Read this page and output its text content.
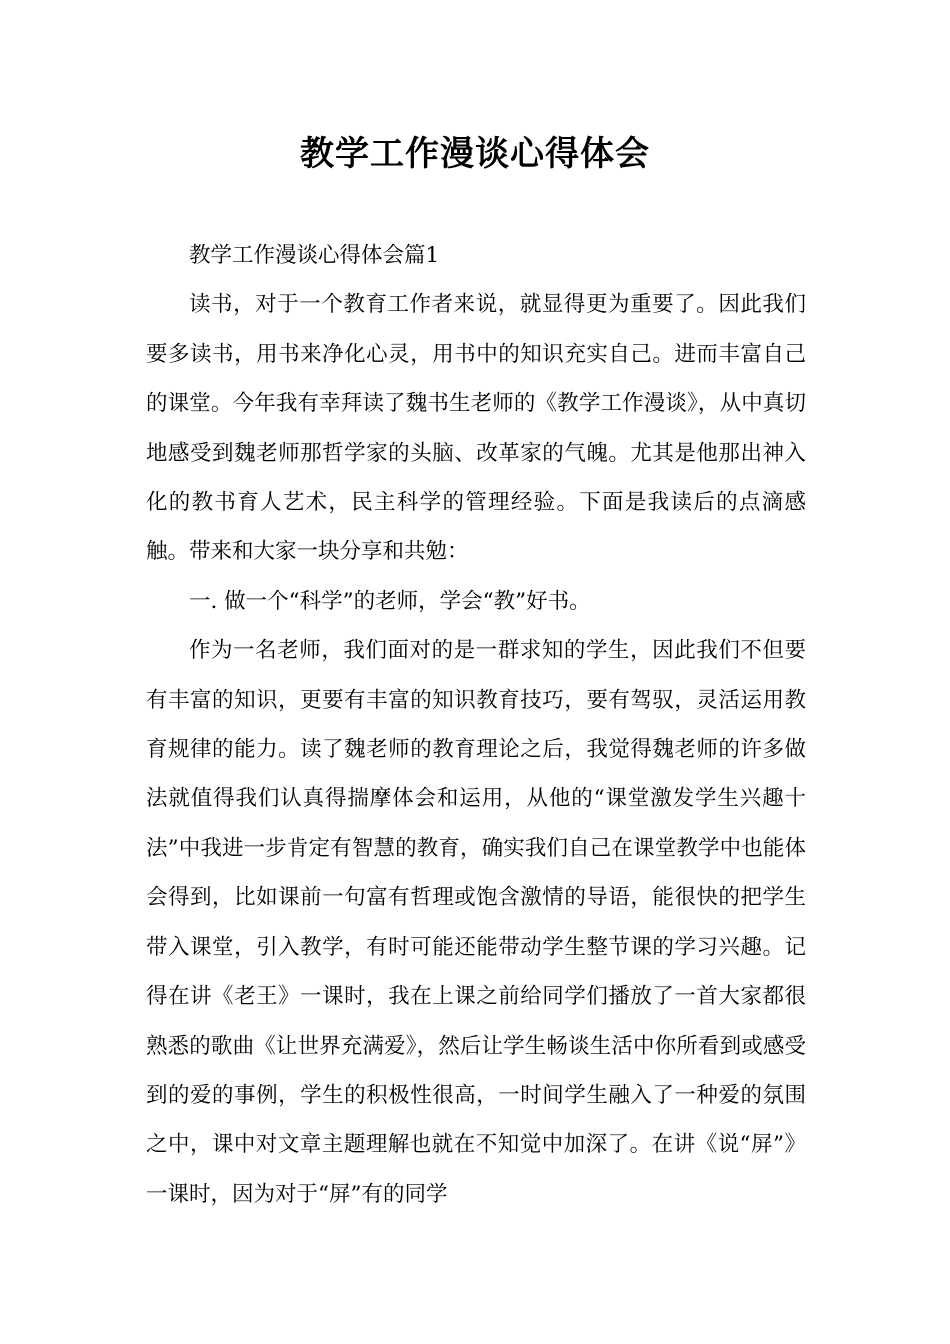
教学工作漫谈心得体会

教学工作漫谈心得体会篇1

读书，对于一个教育工作者来说，就显得更为重要了。因此我们要多读书，用书来净化心灵，用书中的知识充实自己。进而丰富自己的课堂。今年我有幸拜读了魏书生老师的《教学工作漫谈》，从中真切地感受到魏老师那哲学家的头脑、改革家的气魄。尤其是他那出神入化的教书育人艺术，民主科学的管理经验。下面是我读后的点滴感触。带来和大家一块分享和共勉：

一. 做一个“科学”的老师，学会“教”好书。

作为一名老师，我们面对的是一群求知的学生，因此我们不但要有丰富的知识，更要有丰富的知识教育技巧，要有驾驭，灵活运用教育规律的能力。读了魏老师的教育理论之后，我觉得魏老师的许多做法就值得我们认真得揣摩体会和运用，从他的“课堂激发学生兴趣十法”中我进一步肯定有智慧的教育，确实我们自己在课堂教学中也能体会得到，比如课前一句富有哲理或饱含激情的导语，能很快的把学生带入课堂，引入教学，有时可能还能带动学生整节课的学习兴趣。记得在讲《老王》一课时，我在上课之前给同学们播放了一首大家都很熟悉的歌曲《让世界充满爱》，然后让学生畅谈生活中你所看到或感受到的爱的事例，学生的积极性很高，一时间学生融入了一种爱的氛围之中，课中对文章主题理解也就在不知觉中加深了。在讲《说“屏”》一课时，因为对于“屏”有的同学
